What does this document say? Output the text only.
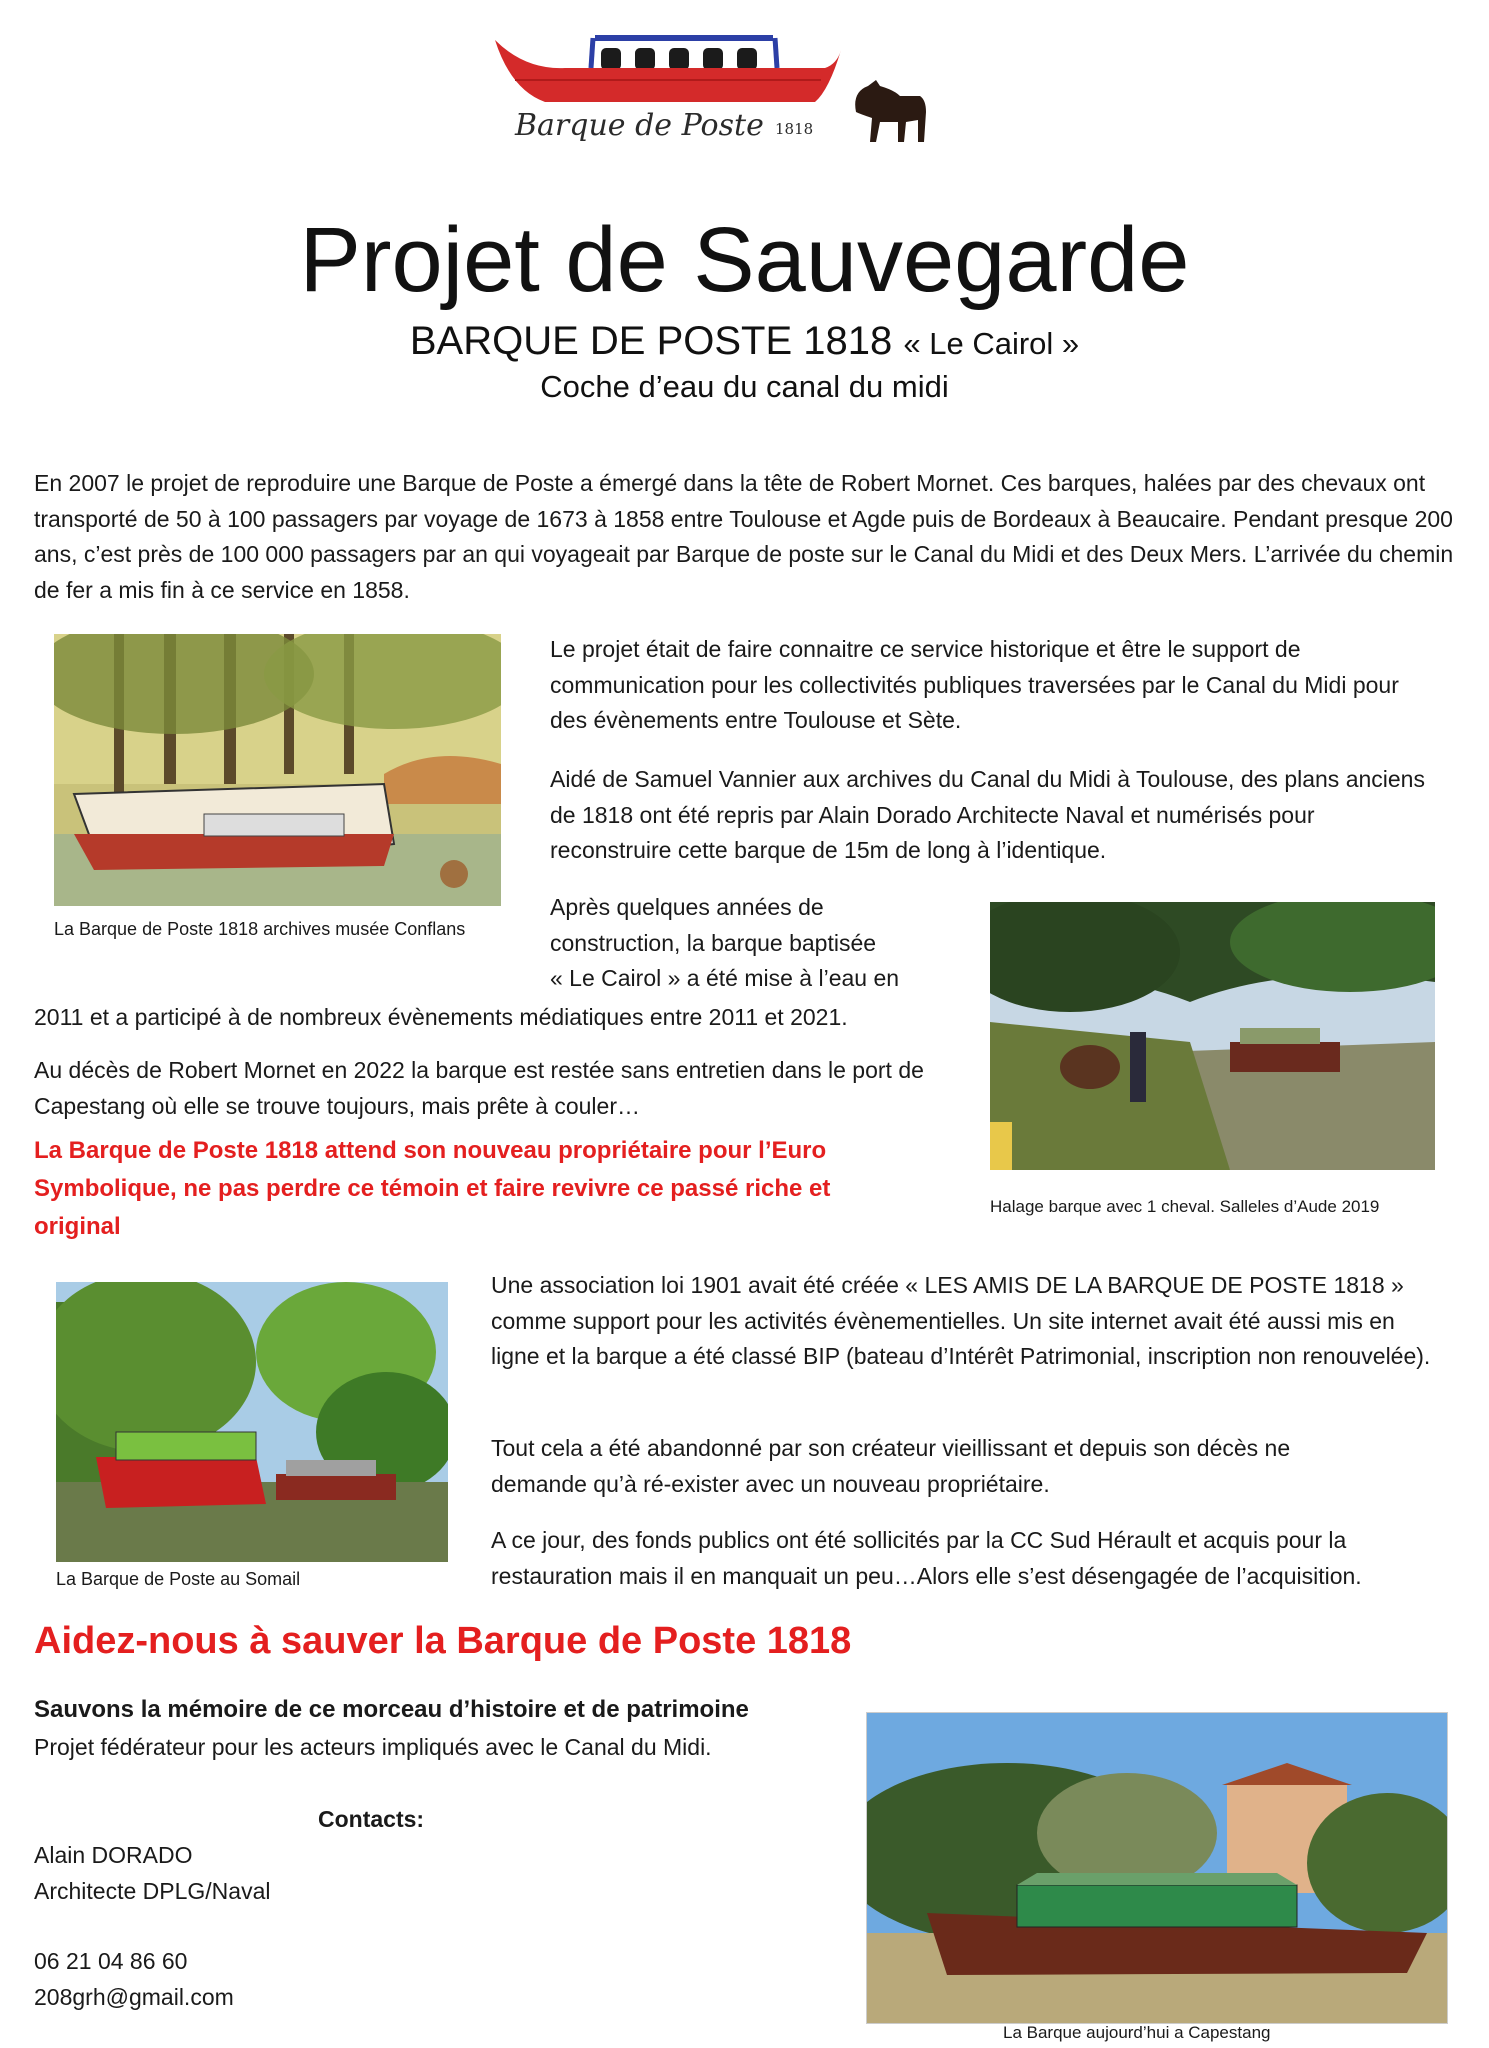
Barque de Poste 1818
Projet de Sauvegarde
BARQUE DE POSTE 1818 « Le Cairol »
Coche d’eau du canal du midi

En 2007 le projet de reproduire une Barque de Poste a émergé dans la tête de Robert Mornet. Ces barques, halées par des chevaux ont transporté de 50 à 100 passagers par voyage de 1673 à 1858 entre Toulouse et Agde puis de Bordeaux à Beaucaire. Pendant presque 200 ans, c’est près de 100 000 passagers par an qui voyageait par Barque de poste sur le Canal du Midi et des Deux Mers. L’arrivée du chemin de fer a mis fin à ce service en 1858.

La Barque de Poste 1818 archives musée Conflans

Le projet était de faire connaitre ce service historique et être le support de communication pour les collectivités publiques traversées par le Canal du Midi pour des évènements entre Toulouse et Sète.

Aidé de Samuel Vannier aux archives du Canal du Midi à Toulouse, des plans anciens de 1818 ont été repris par Alain Dorado Architecte Naval et numérisés pour reconstruire cette barque de 15m de long à l’identique.

Après quelques années de
construction, la barque baptisée
« Le Cairol » a été mise à l’eau en
2011 et a participé à de nombreux évènements médiatiques entre 2011 et 2021.

Au décès de Robert Mornet en 2022 la barque est restée sans entretien dans le port de Capestang où elle se trouve toujours, mais prête à couler…

La Barque de Poste 1818 attend son nouveau propriétaire pour l’Euro Symbolique, ne pas perdre ce témoin et faire revivre ce passé riche et original

Halage barque avec 1 cheval. Salleles d’Aude 2019
La Barque de Poste au Somail

Une association loi 1901 avait été créée « LES AMIS DE LA BARQUE DE POSTE 1818 » comme support pour les activités évènementielles. Un site internet avait été aussi mis en ligne et la barque a été classé BIP (bateau d’Intérêt Patrimonial, inscription non renouvelée).

Tout cela a été abandonné par son créateur vieillissant et depuis son décès ne demande qu’à ré-exister avec un nouveau propriétaire.

A ce jour, des fonds publics ont été sollicités par la CC Sud Hérault et acquis pour la restauration mais il en manquait un peu…Alors elle s’est désengagée de l’acquisition.

Aidez-nous à sauver la Barque de Poste 1818
Sauvons la mémoire de ce morceau d’histoire et de patrimoine
Projet fédérateur pour les acteurs impliqués avec le Canal du Midi.
Contacts:
Alain DORADO
Architecte DPLG/Naval
06 21 04 86 60
208grh@gmail.com
La Barque aujourd’hui a Capestang
